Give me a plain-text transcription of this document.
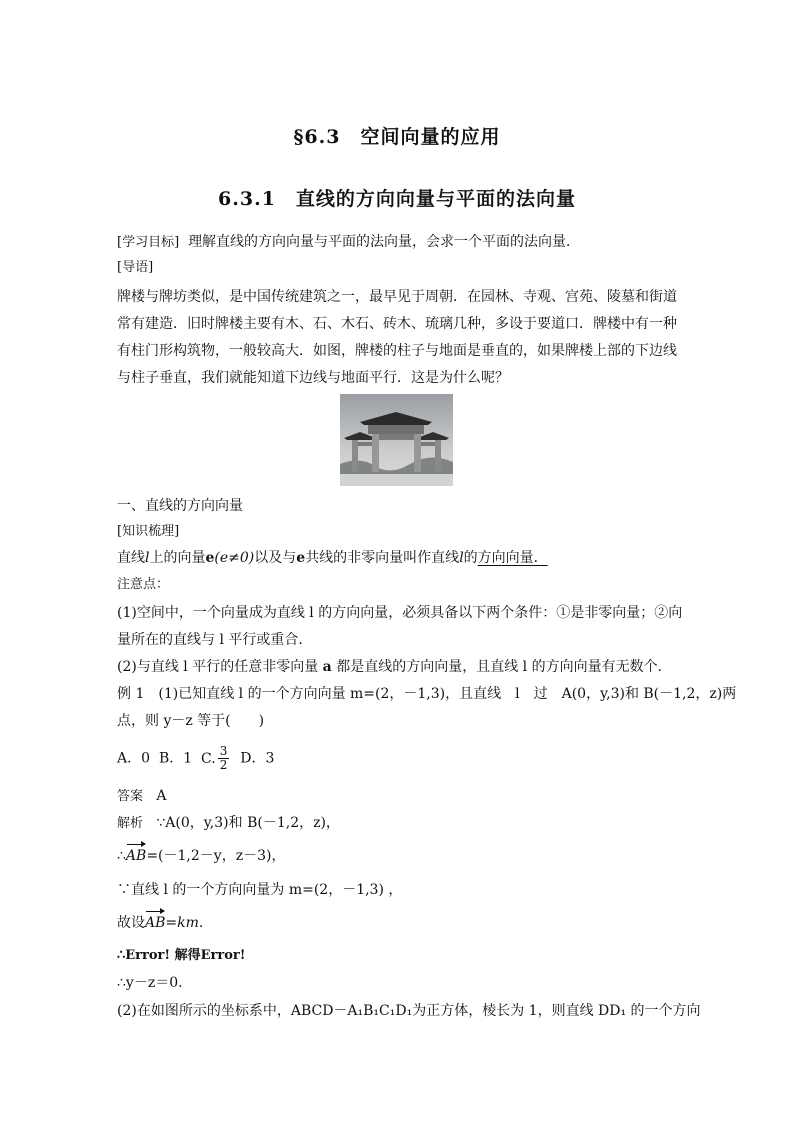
§6.3　空间向量的应用
6.3.1　直线的方向向量与平面的法向量
[学习目标] 理解直线的方向向量与平面的法向量，会求一个平面的法向量．
[导语]
牌楼与牌坊类似，是中国传统建筑之一，最早见于周朝．在园林、寺观、宫苑、陵墓和街道
常有建造．旧时牌楼主要有木、石、木石、砖木、琉璃几种，多设于要道口．牌楼中有一种
有柱门形构筑物，一般较高大．如图，牌楼的柱子与地面是垂直的，如果牌楼上部的下边线
与柱子垂直，我们就能知道下边线与地面平行．这是为什么呢？
一、直线的方向向量
[知识梳理]
直线l上的向量e(e≠0)以及与e共线的非零向量叫作直线l的方向向量．
注意点：
(1)空间中，一个向量成为直线 l 的方向向量，必须具备以下两个条件：①是非零向量；②向
量所在的直线与 l 平行或重合．
(2)与直线 l 平行的任意非零向量 a 都是直线的方向向量，且直线 l 的方向向量有无数个．
例 1　(1)已知直线 l 的一个方向向量 m=(2，－1,3)，且直线　l　过　A(0，y,3)和 B(－1,2，z)两
点，则 y－z 等于(　　)
A．0 B．1 C. $\frac{3}{2}$ D．3
答案 A
解析 ∵A(0，y,3)和 B(－1,2，z)，
∴AB=(－1,2－y，z－3)，
∵直线 l 的一个方向向量为 m=(2，－1,3) ，
故设AB=km.
∴Error! 解得Error!
∴y－z＝0.
(2)在如图所示的坐标系中，ABCD－A₁B₁C₁D₁为正方体，棱长为 1，则直线 DD₁ 的一个方向
